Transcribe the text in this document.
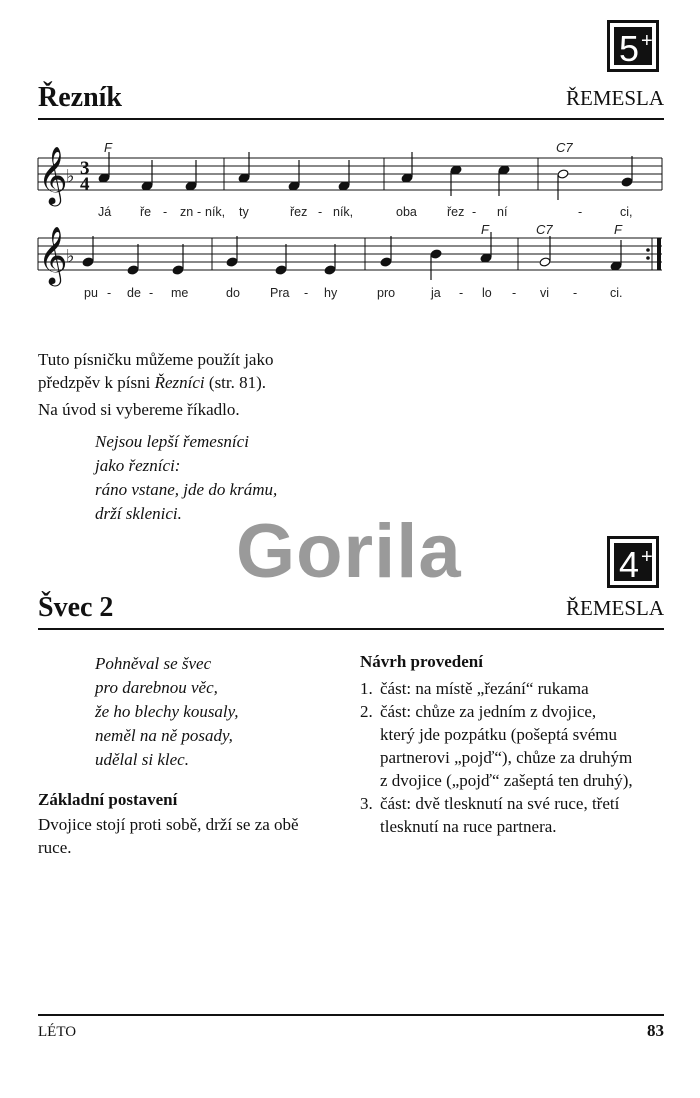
5 +
Řezník	ŘEMESLA
𝄞
𝄞
♭
♭
3
4
F	C7
F	C7	F
Já ře - zn - ník, ty	řez - ník,	oba řez - ní	-	ci,
pu - de - me	do Pra - hy	pro	ja - lo - vi -	ci.
Tuto písničku můžeme použít jako
předzpěv k písni Řezníci (str. 81).
Na úvod si vybereme říkadlo.
Nejsou lepší řemesníci
jako řezníci:
ráno vstane, jde do krámu,
drží sklenici. Gorila	4 +
Švec 2	ŘEMESLA
Pohněval se švec
pro darebnou věc,
že ho blechy kousaly,
neměl na ně posady,
udělal si klec.
Základní postavení
Dvojice stojí proti sobě, drží se za obě
ruce.
Návrh provedení
1. část: na místě „řezání“ rukama
2. část: chůze za jedním z dvojice,
který jde pozpátku (pošeptá svému
partnerovi „pojď“), chůze za druhým
z dvojice („pojď“ zašeptá ten druhý),
3. část: dvě tlesknutí na své ruce, třetí
tlesknutí na ruce partnera.
LÉTO	83
